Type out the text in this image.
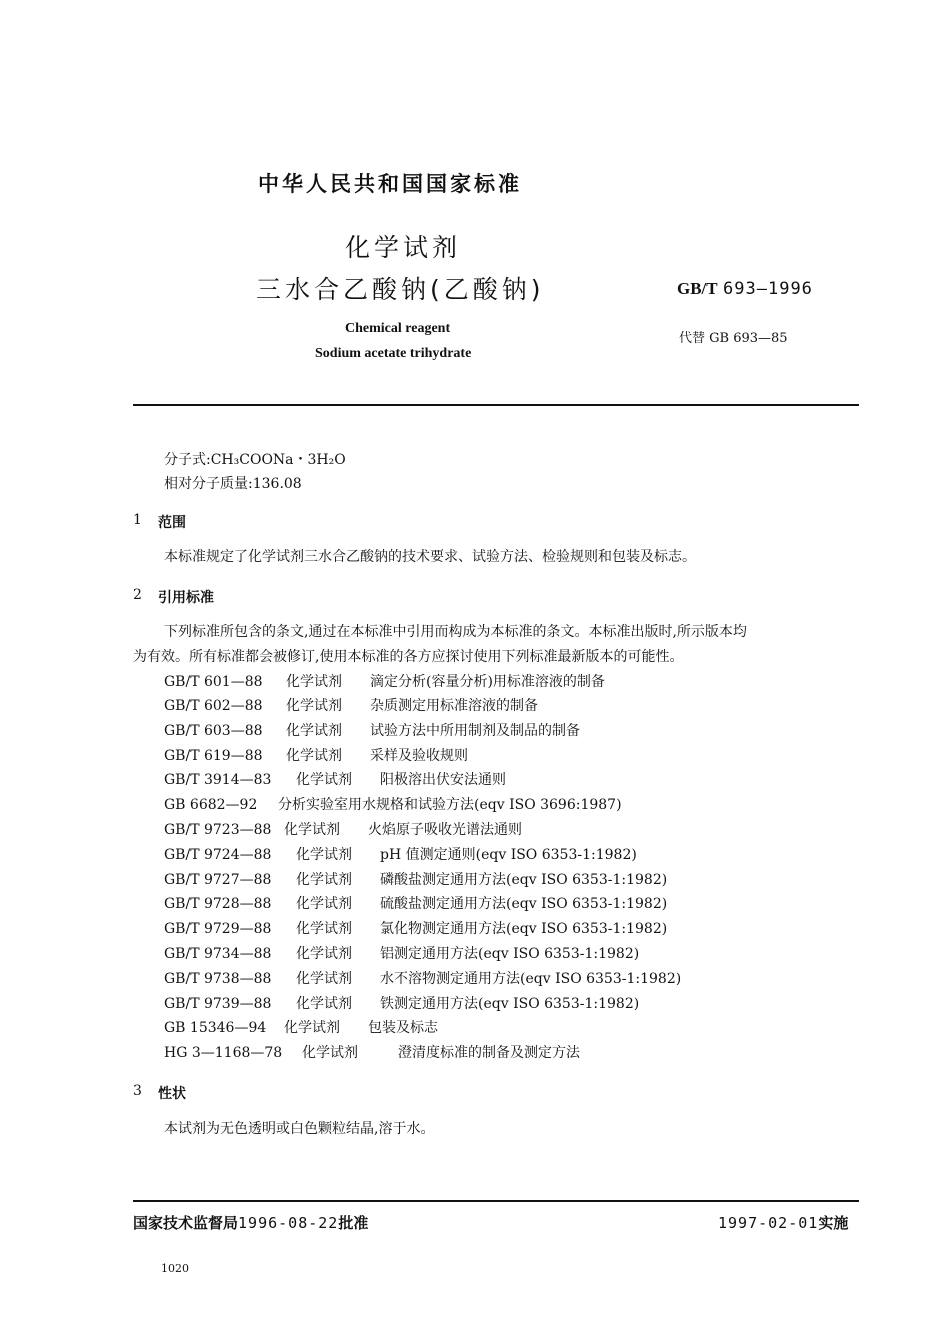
中华人民共和国国家标准
化学试剂
三水合乙酸钠(乙酸钠)	GB/T 693—1996
Chemical reagent
Sodium acetate trihydrate
代替 GB 693—85
分子式:CH₃COONa・3H₂O
相对分子质量:136.08
1 范围
本标准规定了化学试剂三水合乙酸钠的技术要求、试验方法、检验规则和包装及标志。
2 引用标准
下列标准所包含的条文,通过在本标准中引用而构成为本标准的条文。本标准出版时,所示版本均
为有效。所有标准都会被修订,使用本标准的各方应探讨使用下列标准最新版本的可能性。
GB/T 601—88 化学试剂 滴定分析(容量分析)用标准溶液的制备
GB/T 602—88 化学试剂 杂质测定用标准溶液的制备
GB/T 603—88 化学试剂 试验方法中所用制剂及制品的制备
GB/T 619—88 化学试剂 采样及验收规则
GB/T 3914—83 化学试剂 阳极溶出伏安法通则
GB 6682—92 分析实验室用水规格和试验方法(eqv ISO 3696:1987)
GB/T 9723—88 化学试剂 火焰原子吸收光谱法通则
GB/T 9724—88 化学试剂 pH 值测定通则(eqv ISO 6353-1:1982)
GB/T 9727—88 化学试剂 磷酸盐测定通用方法(eqv ISO 6353-1:1982)
GB/T 9728—88 化学试剂 硫酸盐测定通用方法(eqv ISO 6353-1:1982)
GB/T 9729—88 化学试剂 氯化物测定通用方法(eqv ISO 6353-1:1982)
GB/T 9734—88 化学试剂 铝测定通用方法(eqv ISO 6353-1:1982)
GB/T 9738—88 化学试剂 水不溶物测定通用方法(eqv ISO 6353-1:1982)
GB/T 9739—88 化学试剂 铁测定通用方法(eqv ISO 6353-1:1982)
GB 15346—94 化学试剂 包装及标志
HG 3—1168—78 化学试剂	澄清度标准的制备及测定方法
3 性状
本试剂为无色透明或白色颗粒结晶,溶于水。
国家技术监督局1996-08-22批准	1997-02-01实施
1020
